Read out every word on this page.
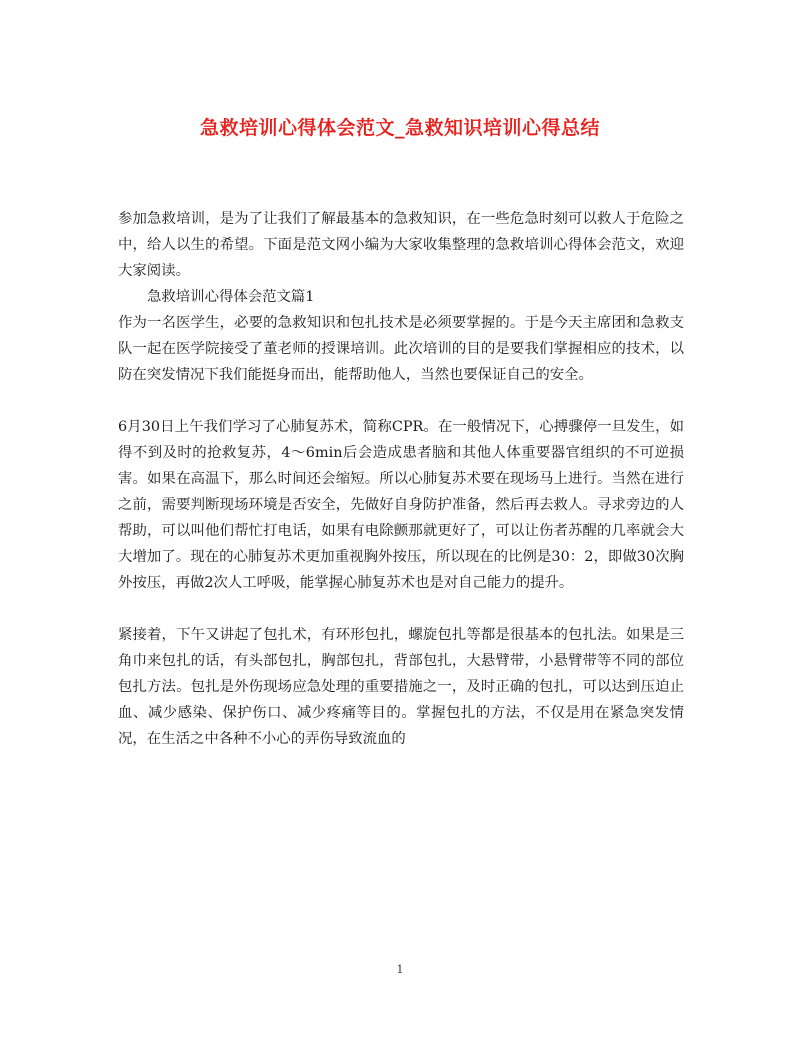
急救培训心得体会范文_急救知识培训心得总结

参加急救培训，是为了让我们了解最基本的急救知识，在一些危急时刻可以救人于危险之中，给人以生的希望。下面是范文网小编为大家收集整理的急救培训心得体会范文，欢迎大家阅读。

急救培训心得体会范文篇1

作为一名医学生，必要的急救知识和包扎技术是必须要掌握的。于是今天主席团和急救支队一起在医学院接受了董老师的授课培训。此次培训的目的是要我们掌握相应的技术，以防在突发情况下我们能挺身而出，能帮助他人，当然也要保证自己的安全。

6月30日上午我们学习了心肺复苏术，简称CPR。在一般情况下，心搏骤停一旦发生，如得不到及时的抢救复苏，4～6min后会造成患者脑和其他人体重要器官组织的不可逆损害。如果在高温下，那么时间还会缩短。所以心肺复苏术要在现场马上进行。当然在进行之前，需要判断现场环境是否安全，先做好自身防护准备，然后再去救人。寻求旁边的人帮助，可以叫他们帮忙打电话，如果有电除颤那就更好了，可以让伤者苏醒的几率就会大大增加了。现在的心肺复苏术更加重视胸外按压，所以现在的比例是30：2，即做30次胸外按压，再做2次人工呼吸，能掌握心肺复苏术也是对自己能力的提升。

紧接着，下午又讲起了包扎术，有环形包扎，螺旋包扎等都是很基本的包扎法。如果是三角巾来包扎的话，有头部包扎，胸部包扎，背部包扎，大悬臂带，小悬臂带等不同的部位包扎方法。包扎是外伤现场应急处理的重要措施之一，及时正确的包扎，可以达到压迫止血、减少感染、保护伤口、减少疼痛等目的。掌握包扎的方法，不仅是用在紧急突发情况，在生活之中各种不小心的弄伤导致流血的

1
